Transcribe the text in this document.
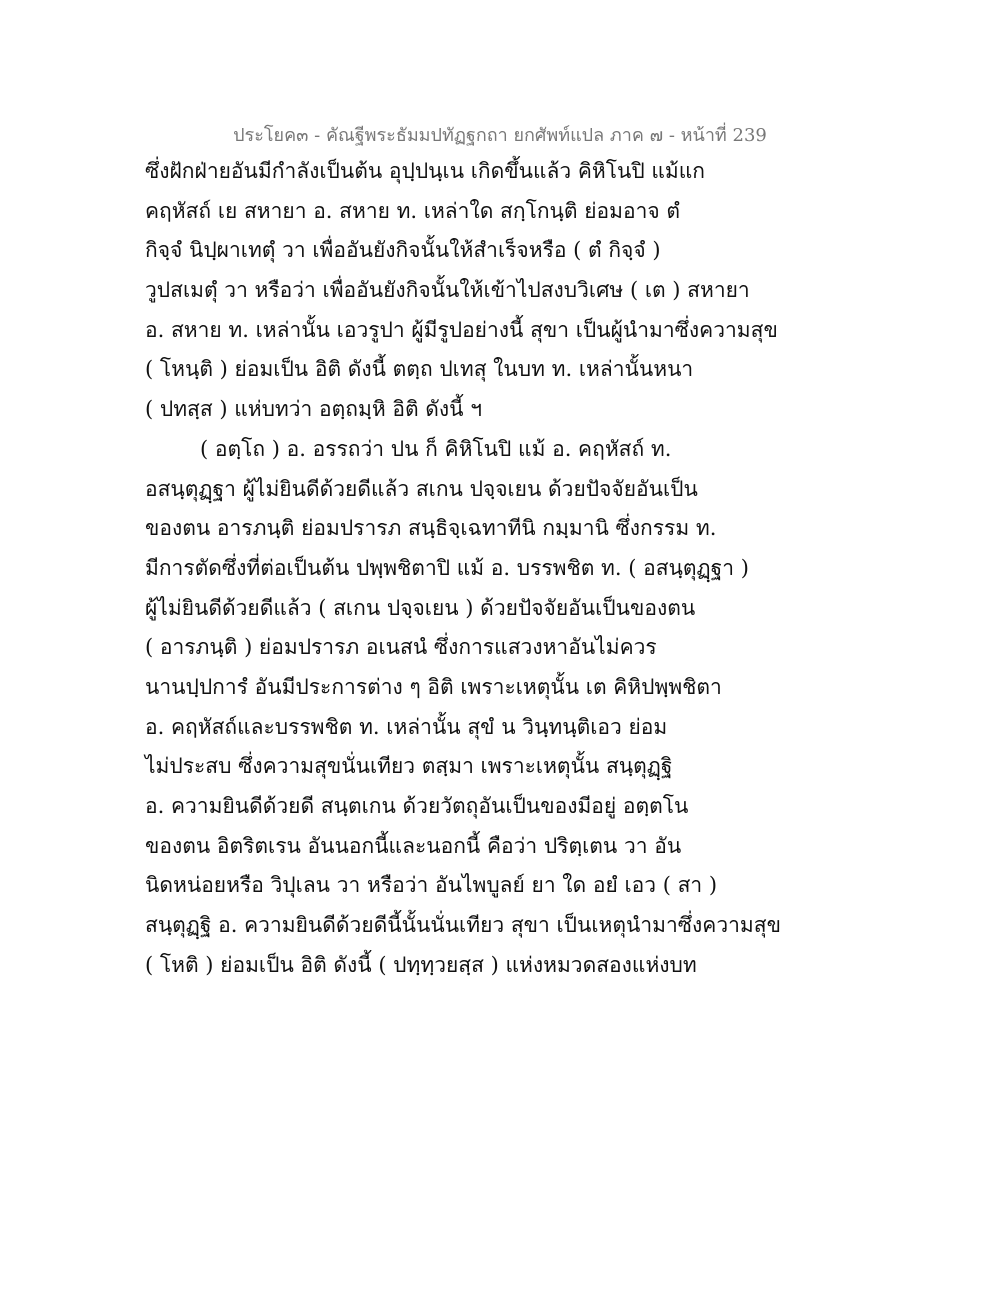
ประโยค๓ - คัณฐีพระธัมมปทัฏฐกถา ยกศัพท์แปล ภาค ๗ - หน้าที่ 239
ซึ่งฝักฝ่ายอันมีกำลังเป็นต้น อุปฺปนฺเน เกิดขึ้นแล้ว คิหิโนปิ แม้แก
คฤหัสถ์ เย สหายา อ. สหาย ท. เหล่าใด สกฺโกนฺติ ย่อมอาจ ตํ
กิจฺจํ นิปฺผาเทตุํ วา เพื่ออันยังกิจนั้นให้สำเร็จหรือ ( ตํ กิจฺจํ )
วูปสเมตุํ วา หรือว่า เพื่ออันยังกิจนั้นให้เข้าไปสงบวิเศษ ( เต ) สหายา
อ. สหาย ท. เหล่านั้น เอวรูปา ผู้มีรูปอย่างนี้ สุขา เป็นผู้นำมาซึ่งความสุข
( โหนฺติ ) ย่อมเป็น อิติ ดังนี้ ตตฺถ ปเทสุ ในบท ท. เหล่านั้นหนา
( ปทสฺส ) แห่บทว่า อตฺถมฺหิ อิติ ดังนี้ ฯ
( อตฺโถ ) อ. อรรถว่า ปน ก็ คิหิโนปิ แม้ อ. คฤหัสถ์ ท.
อสนฺตุฏฺฐา ผู้ไม่ยินดีด้วยดีแล้ว สเกน ปจฺจเยน ด้วยปัจจัยอันเป็น
ของตน อารภนฺติ ย่อมปรารภ สนฺธิจฺเฉทาทีนิ กมฺมานิ ซึ่งกรรม ท.
มีการตัดซึ่งที่ต่อเป็นต้น ปพฺพชิตาปิ แม้ อ. บรรพชิต ท. ( อสนฺตุฏฺฐา )
ผู้ไม่ยินดีด้วยดีแล้ว ( สเกน ปจฺจเยน ) ด้วยปัจจัยอันเป็นของตน
( อารภนฺติ ) ย่อมปรารภ อเนสนํ ซึ่งการแสวงหาอันไม่ควร
นานปฺปการํ อันมีประการต่าง ๆ อิติ เพราะเหตุนั้น เต คิหิปพฺพชิตา
อ. คฤหัสถ์และบรรพชิต ท. เหล่านั้น สุขํ น วินฺทนฺติเอว ย่อม
ไม่ประสบ ซึ่งความสุขนั่นเทียว ตสฺมา เพราะเหตุนั้น สนฺตุฏฺฐิ
อ. ความยินดีด้วยดี สนฺตเกน ด้วยวัตถุอันเป็นของมีอยู่ อตฺตโน
ของตน อิตริตเรน อันนอกนี้และนอกนี้ คือว่า ปริตฺเตน วา อัน
นิดหน่อยหรือ วิปุเลน วา หรือว่า อันไพบูลย์ ยา ใด อยํ เอว ( สา )
สนฺตุฏฺฐิ อ. ความยินดีด้วยดีนี้นั้นนั่นเทียว สุขา เป็นเหตุนำมาซึ่งความสุข
( โหติ ) ย่อมเป็น อิติ ดังนี้ ( ปทฺทฺวยสฺส ) แห่งหมวดสองแห่งบท
